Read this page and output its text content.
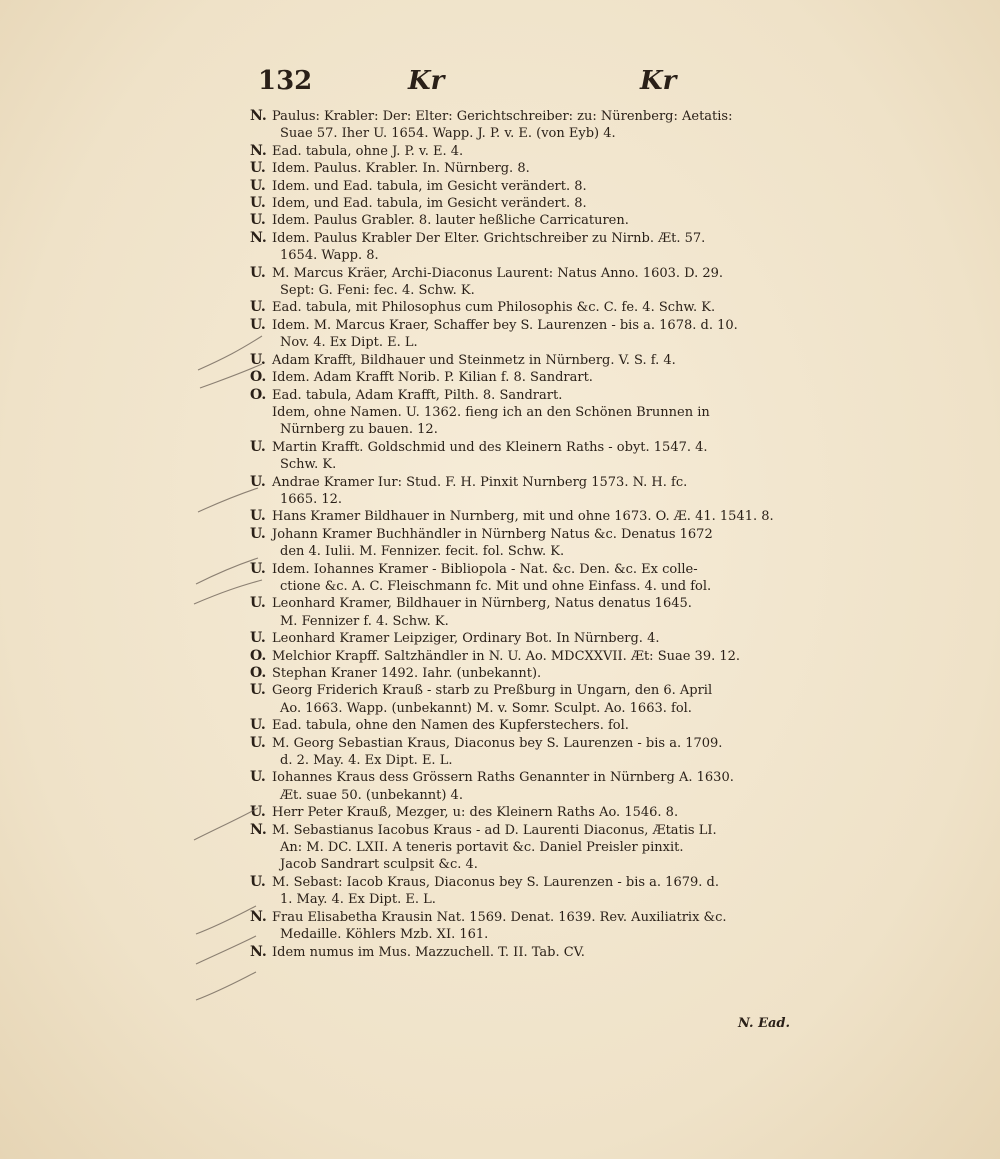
132	Kr	Kr
N. Paulus: Krabler: Der: Elter: Gerichtschreiber: zu: Nürenberg: Aetatis:
Suae 57. Iher U. 1654. Wapp. J. P. v. E. (von Eyb) 4.
N. Ead. tabula, ohne J. P. v. E. 4.
U. Idem. Paulus. Krabler. In. Nürnberg. 8.
U. Idem. und Ead. tabula, im Gesicht verändert. 8.
U. Idem, und Ead. tabula, im Gesicht verändert. 8.
U. Idem. Paulus Grabler. 8. lauter heßliche Carricaturen.
N. Idem. Paulus Krabler Der Elter. Grichtschreiber zu Nirnb. Æt. 57.
1654. Wapp. 8.
U. M. Marcus Kräer, Archi-Diaconus Laurent: Natus Anno. 1603. D. 29.
Sept: G. Feni: fec. 4. Schw. K.
U. Ead. tabula, mit Philosophus cum Philosophis &c. C. fe. 4. Schw. K.
U. Idem. M. Marcus Kraer, Schaffer bey S. Laurenzen - bis a. 1678. d. 10.
Nov. 4. Ex Dipt. E. L.
U. Adam Krafft, Bildhauer und Steinmetz in Nürnberg. V. S. f. 4.
O. Idem. Adam Krafft Norib. P. Kilian f. 8. Sandrart.
O. Ead. tabula, Adam Krafft, Pilth. 8. Sandrart.
Idem, ohne Namen. U. 1362. fieng ich an den Schönen Brunnen in
Nürnberg zu bauen. 12.
U. Martin Krafft. Goldschmid und des Kleinern Raths - obyt. 1547. 4.
Schw. K.
U. Andrae Kramer Iur: Stud. F. H. Pinxit Nurnberg 1573. N. H. fc.
1665. 12.
U. Hans Kramer Bildhauer in Nurnberg, mit und ohne 1673. O. Æ. 41. 1541. 8.
U. Johann Kramer Buchhändler in Nürnberg Natus &c. Denatus 1672
den 4. Iulii. M. Fennizer. fecit. fol. Schw. K.
U. Idem. Iohannes Kramer - Bibliopola - Nat. &c. Den. &c. Ex colle-
ctione &c. A. C. Fleischmann fc. Mit und ohne Einfass. 4. und fol.
U. Leonhard Kramer, Bildhauer in Nürnberg, Natus denatus 1645.
M. Fennizer f. 4. Schw. K.
U. Leonhard Kramer Leipziger, Ordinary Bot. In Nürnberg. 4.
O. Melchior Krapff. Saltzhändler in N. U. Ao. MDCXXVII. Æt: Suae 39. 12.
O. Stephan Kraner 1492. Iahr. (unbekannt).
U. Georg Friderich Krauß - starb zu Preßburg in Ungarn, den 6. April
Ao. 1663. Wapp. (unbekannt) M. v. Somr. Sculpt. Ao. 1663. fol.
U. Ead. tabula, ohne den Namen des Kupferstechers. fol.
U. M. Georg Sebastian Kraus, Diaconus bey S. Laurenzen - bis a. 1709.
d. 2. May. 4. Ex Dipt. E. L.
U. Iohannes Kraus dess Grössern Raths Genannter in Nürnberg A. 1630.
Æt. suae 50. (unbekannt) 4.
U. Herr Peter Krauß, Mezger, u: des Kleinern Raths Ao. 1546. 8.
N. M. Sebastianus Iacobus Kraus - ad D. Laurenti Diaconus, Ætatis LI.
An: M. DC. LXII. A teneris portavit &c. Daniel Preisler pinxit.
Jacob Sandrart sculpsit &c. 4.
U. M. Sebast: Iacob Kraus, Diaconus bey S. Laurenzen - bis a. 1679. d.
1. May. 4. Ex Dipt. E. L.
N. Frau Elisabetha Krausin Nat. 1569. Denat. 1639. Rev. Auxiliatrix &c.
Medaille. Köhlers Mzb. XI. 161.
N. Idem numus im Mus. Mazzuchell. T. II. Tab. CV.
N. Ead.
